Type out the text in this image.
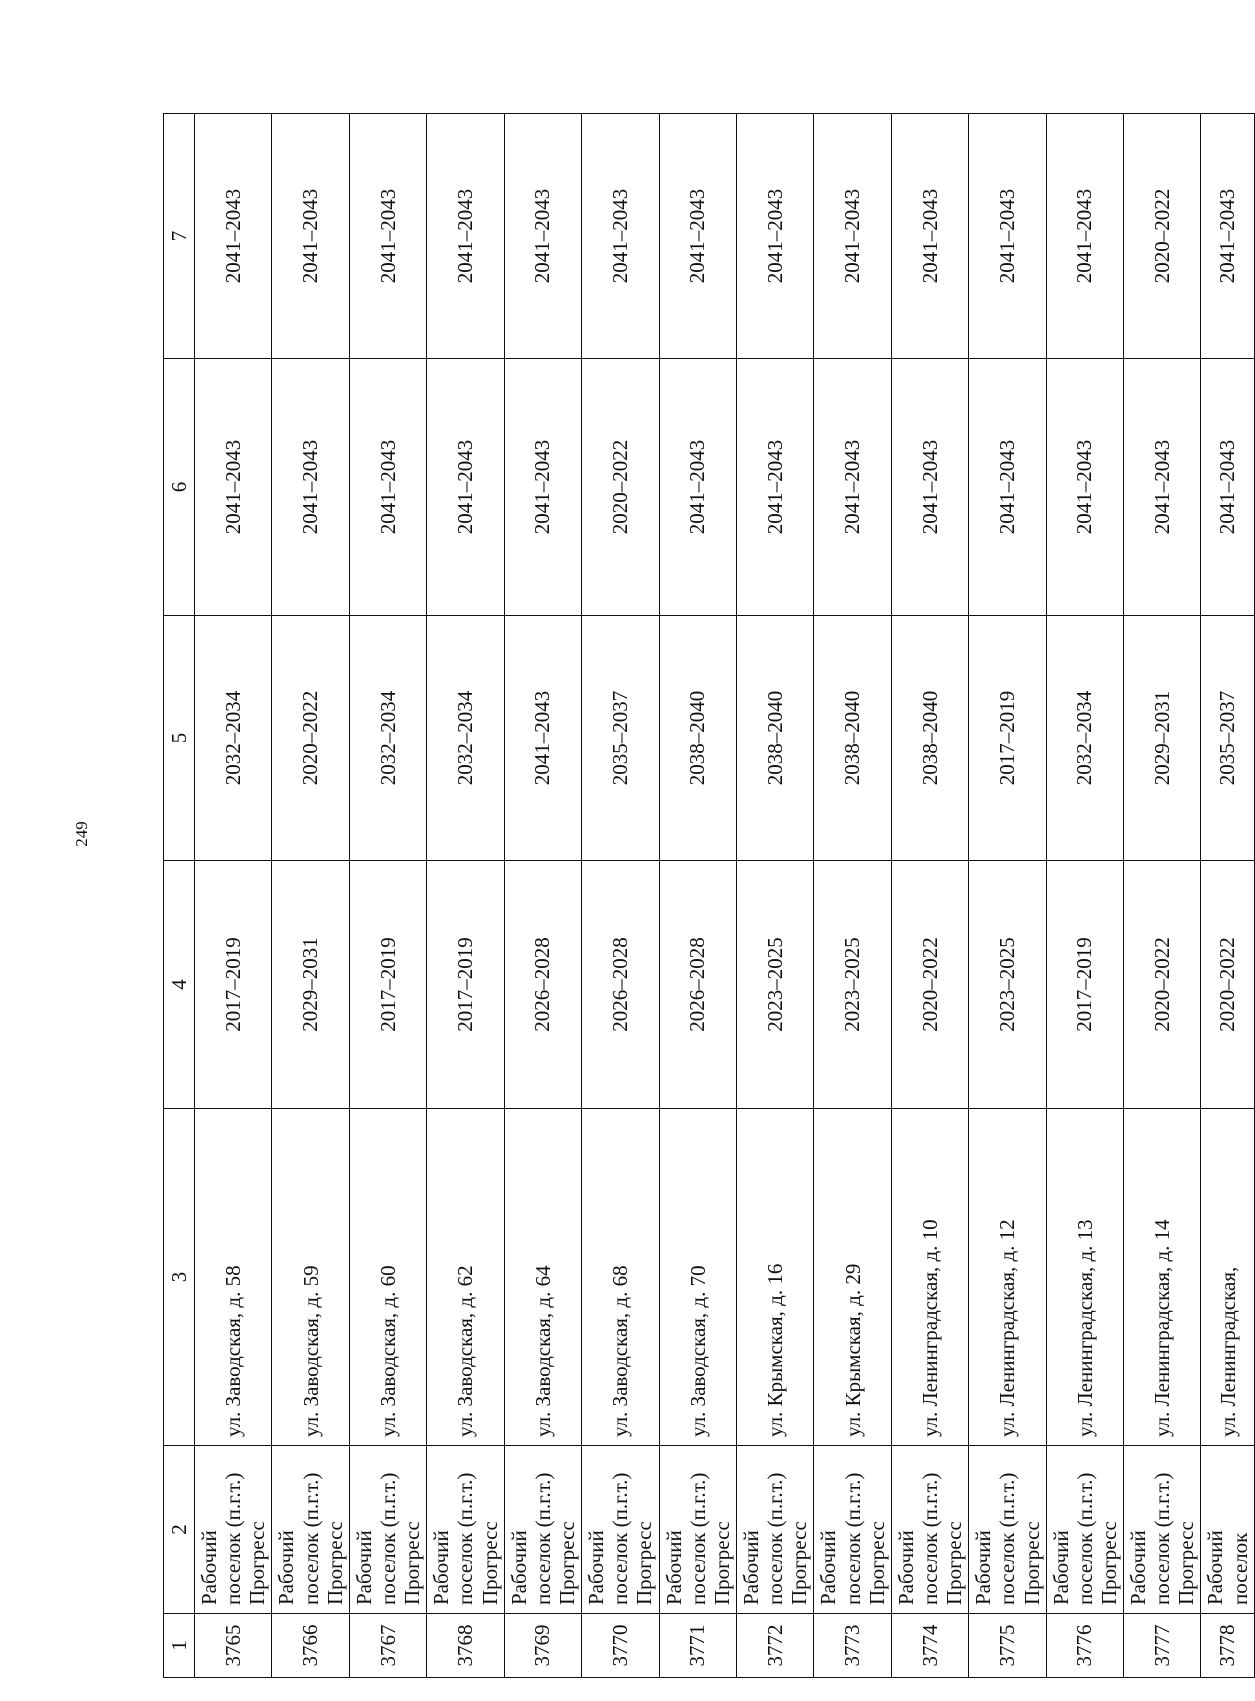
249
1	2	3	4	5	6	7
3765	Рабочий поселок (п.г.т.) Прогресс	ул. Заводская, д. 58	2017–2019	2032–2034	2041–2043	2041–2043
3766	Рабочий поселок (п.г.т.) Прогресс	ул. Заводская, д. 59	2029–2031	2020–2022	2041–2043	2041–2043
3767	Рабочий поселок (п.г.т.) Прогресс	ул. Заводская, д. 60	2017–2019	2032–2034	2041–2043	2041–2043
3768	Рабочий поселок (п.г.т.) Прогресс	ул. Заводская, д. 62	2017–2019	2032–2034	2041–2043	2041–2043
3769	Рабочий поселок (п.г.т.) Прогресс	ул. Заводская, д. 64	2026–2028	2041–2043	2041–2043	2041–2043
3770	Рабочий поселок (п.г.т.) Прогресс	ул. Заводская, д. 68	2026–2028	2035–2037	2020–2022	2041–2043
3771	Рабочий поселок (п.г.т.) Прогресс	ул. Заводская, д. 70	2026–2028	2038–2040	2041–2043	2041–2043
3772	Рабочий поселок (п.г.т.) Прогресс	ул. Крымская, д. 16	2023–2025	2038–2040	2041–2043	2041–2043
3773	Рабочий поселок (п.г.т.) Прогресс	ул. Крымская, д. 29	2023–2025	2038–2040	2041–2043	2041–2043
3774	Рабочий поселок (п.г.т.) Прогресс	ул. Ленинградская, д. 10	2020–2022	2038–2040	2041–2043	2041–2043
3775	Рабочий поселок (п.г.т.) Прогресс	ул. Ленинградская, д. 12	2023–2025	2017–2019	2041–2043	2041–2043
3776	Рабочий поселок (п.г.т.) Прогресс	ул. Ленинградская, д. 13	2017–2019	2032–2034	2041–2043	2041–2043
3777	Рабочий поселок (п.г.т.) Прогресс	ул. Ленинградская, д. 14	2020–2022	2029–2031	2041–2043	2020–2022
3778	Рабочий поселок	ул. Ленинградская,	2020–2022	2035–2037	2041–2043	2041–2043
